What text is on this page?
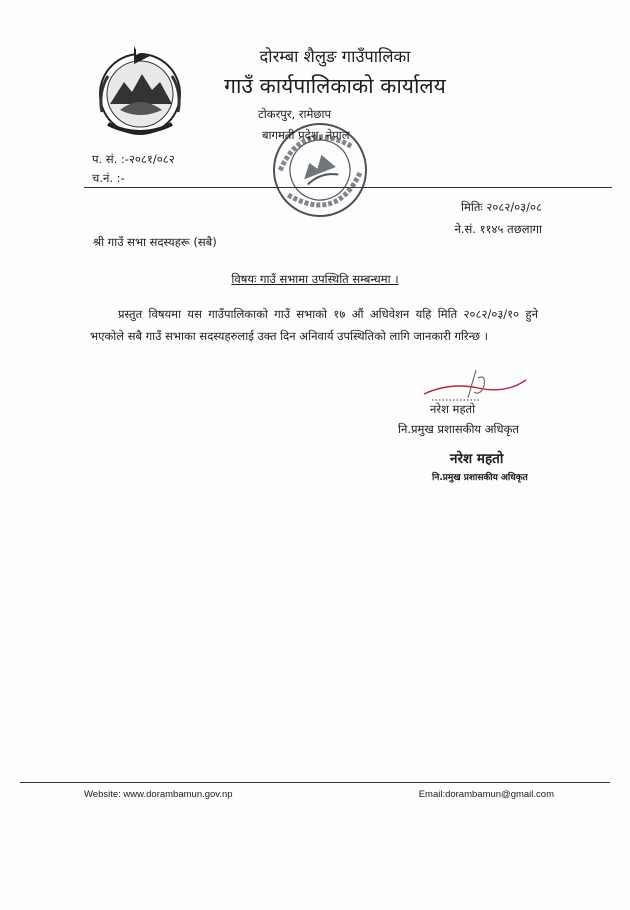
दोरम्बा शैलुङ गाउँपालिका
गाउँ कार्यपालिकाको कार्यालय
टोकरपुर, रामेछाप
बागमती प्रदेश, नेपाल
प. सं. :-२०८१/०८२
च.नं. :-
मितिः २०८२/०३/०८
ने.सं. ११४५ तछलागा
श्री गाउँ सभा सदस्यहरू (सबै)
विषयः गाउँ सभामा उपस्थिति सम्बन्धमा ।
प्रस्तुत विषयमा यस गाउँपालिकाको गाउँ सभाको १७ औं अधिवेशन यहि मिति २०८२/०३/१० हुने भएकोले सबै गाउँ सभाका सदस्यहरुलाई उक्त दिन अनिवार्य उपस्थितिको लागि जानकारी गरिन्छ ।
नरेश महतो
नि.प्रमुख प्रशासकीय अधिकृत
नरेश महतो
नि.प्रमुख प्रशासकीय अधिकृत
Website: www.dorambamun.gov.np	Email:dorambamun@gmail.com
